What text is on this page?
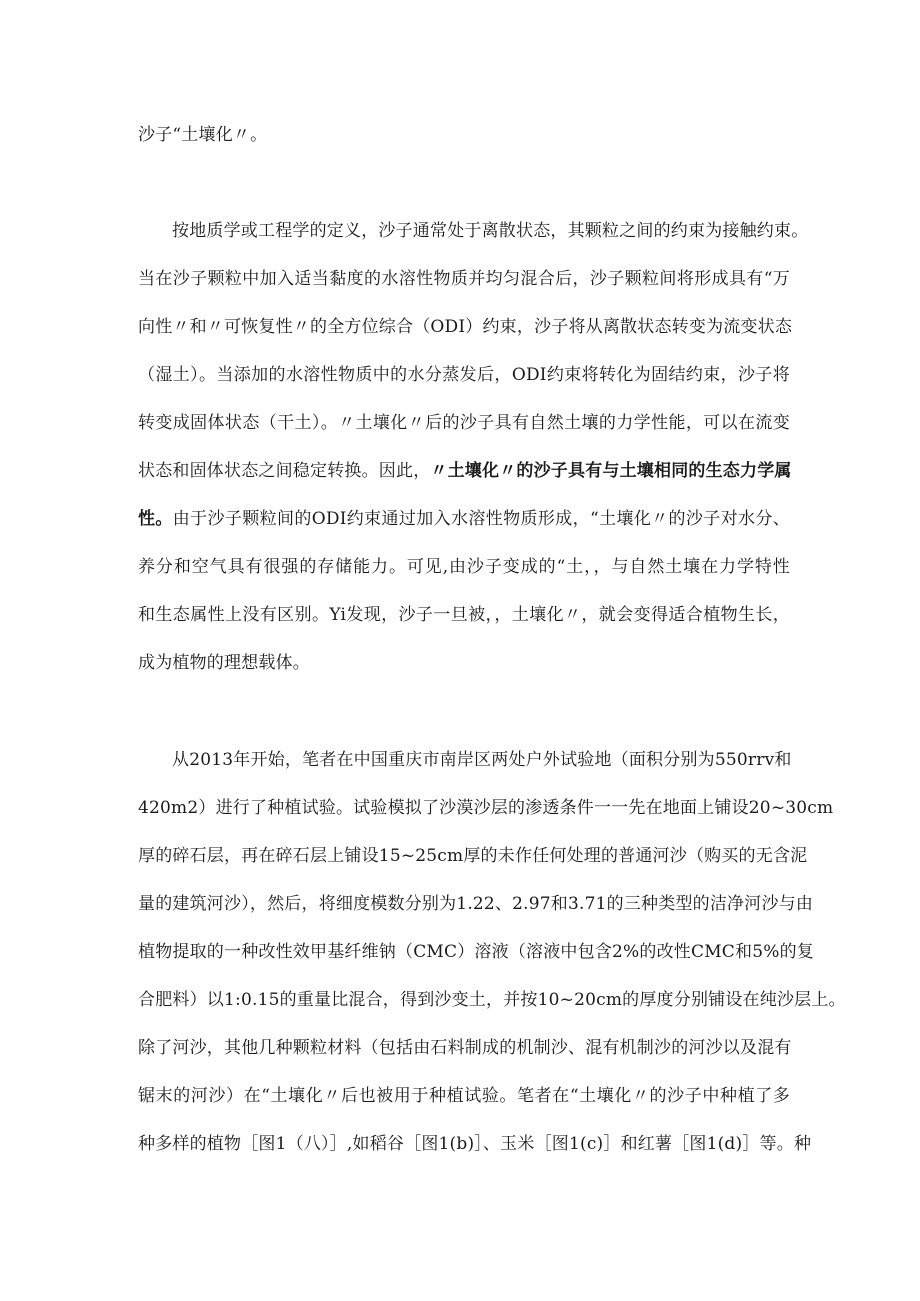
沙子“土壤化〃。
按地质学或工程学的定义，沙子通常处于离散状态，其颗粒之间的约束为接触约束。
当在沙子颗粒中加入适当黏度的水溶性物质并均匀混合后，沙子颗粒间将形成具有“万
向性〃和〃可恢复性〃的全方位综合（ODI）约束，沙子将从离散状态转变为流变状态
（湿土）。当添加的水溶性物质中的水分蒸发后，ODI约束将转化为固结约束，沙子将
转变成固体状态（干土）。〃土壤化〃后的沙子具有自然土壤的力学性能，可以在流变
状态和固体状态之间稳定转换。因此，〃土壤化〃的沙子具有与土壤相同的生态力学属
性。由于沙子颗粒间的ODI约束通过加入水溶性物质形成，“土壤化〃的沙子对水分、
养分和空气具有很强的存储能力。可见,由沙子变成的“土，，与自然土壤在力学特性
和生态属性上没有区别。Yi发现，沙子一旦被，，土壤化〃，就会变得适合植物生长，
成为植物的理想载体。
从2013年开始，笔者在中国重庆市南岸区两处户外试验地（面积分别为550rrv和
420m2）进行了种植试验。试验模拟了沙漠沙层的渗透条件一一先在地面上铺设20~30cm
厚的碎石层，再在碎石层上铺设15~25cm厚的未作任何处理的普通河沙（购买的无含泥
量的建筑河沙），然后，将细度模数分别为1.22、2.97和3.71的三种类型的洁净河沙与由
植物提取的一种改性效甲基纤维钠（CMC）溶液（溶液中包含2%的改性CMC和5%的复
合肥料）以1:0.15的重量比混合，得到沙变土，并按10~20cm的厚度分别铺设在纯沙层上。
除了河沙，其他几种颗粒材料（包括由石料制成的机制沙、混有机制沙的河沙以及混有
锯末的河沙）在“土壤化〃后也被用于种植试验。笔者在“土壤化〃的沙子中种植了多
种多样的植物［图1（八）］,如稻谷［图1(b)］、玉米［图1(c)］和红薯［图1(d)］等。种
